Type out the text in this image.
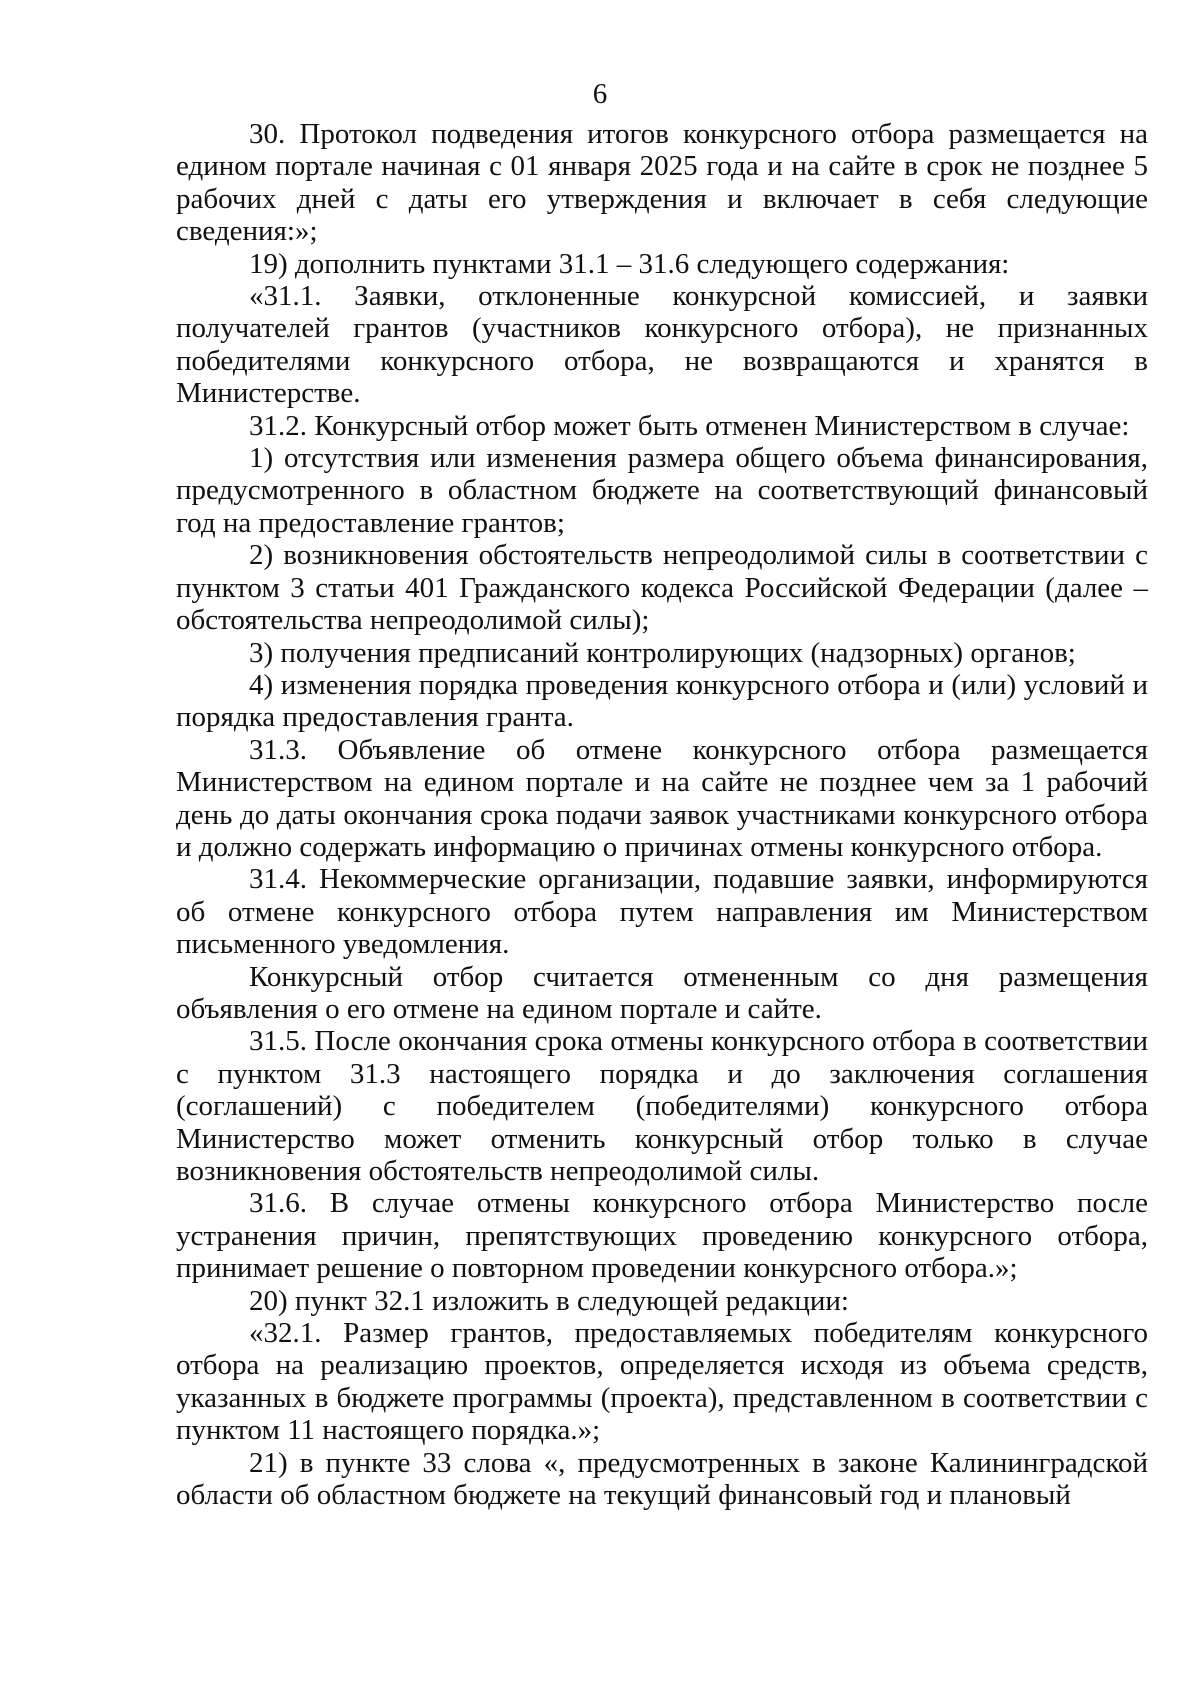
6

30. Протокол подведения итогов конкурсного отбора размещается на едином портале начиная с 01 января 2025 года и на сайте в срок не позднее 5 рабочих дней с даты его утверждения и включает в себя следующие сведения:»;

19) дополнить пунктами 31.1 – 31.6 следующего содержания:

«31.1. Заявки, отклоненные конкурсной комиссией, и заявки получателей грантов (участников конкурсного отбора), не признанных победителями конкурсного отбора, не возвращаются и хранятся в Министерстве.

31.2. Конкурсный отбор может быть отменен Министерством в случае:

1) отсутствия или изменения размера общего объема финансирования, предусмотренного в областном бюджете на соответствующий финансовый год на предоставление грантов;

2) возникновения обстоятельств непреодолимой силы в соответствии с пунктом 3 статьи 401 Гражданского кодекса Российской Федерации (далее – обстоятельства непреодолимой силы);

3) получения предписаний контролирующих (надзорных) органов;

4) изменения порядка проведения конкурсного отбора и (или) условий и порядка предоставления гранта.

31.3. Объявление об отмене конкурсного отбора размещается Министерством на едином портале и на сайте не позднее чем за 1 рабочий день до даты окончания срока подачи заявок участниками конкурсного отбора и должно содержать информацию о причинах отмены конкурсного отбора.

31.4. Некоммерческие организации, подавшие заявки, информируются об отмене конкурсного отбора путем направления им Министерством письменного уведомления.

Конкурсный отбор считается отмененным со дня размещения объявления о его отмене на едином портале и сайте.

31.5. После окончания срока отмены конкурсного отбора в соответствии с пунктом 31.3 настоящего порядка и до заключения соглашения (соглашений) с победителем (победителями) конкурсного отбора Министерство может отменить конкурсный отбор только в случае возникновения обстоятельств непреодолимой силы.

31.6. В случае отмены конкурсного отбора Министерство после устранения причин, препятствующих проведению конкурсного отбора, принимает решение о повторном проведении конкурсного отбора.»;

20) пункт 32.1 изложить в следующей редакции:

«32.1. Размер грантов, предоставляемых победителям конкурсного отбора на реализацию проектов, определяется исходя из объема средств, указанных в бюджете программы (проекта), представленном в соответствии с пунктом 11 настоящего порядка.»;

21) в пункте 33 слова «, предусмотренных в законе Калининградской области об областном бюджете на текущий финансовый год и плановый
